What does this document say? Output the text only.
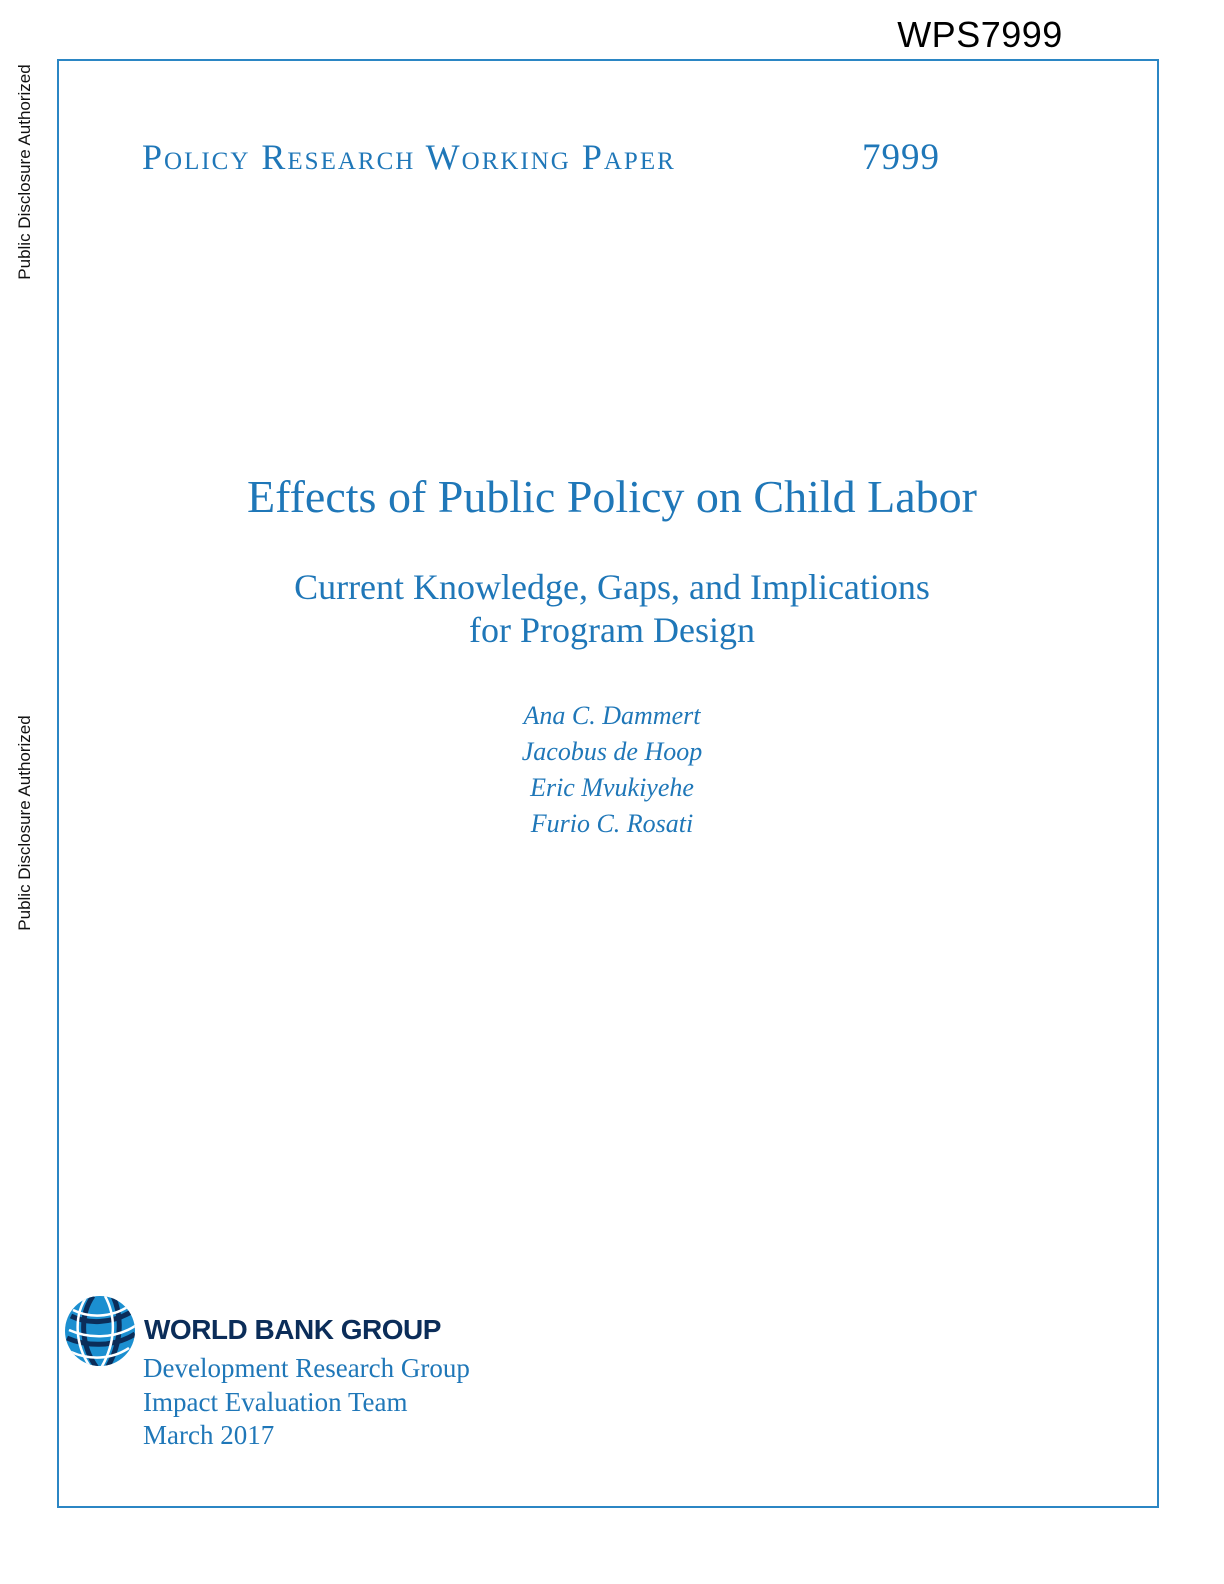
WPS7999
Public Disclosure Authorized
Public Disclosure Authorized
Policy Research Working Paper	7999
Effects of Public Policy on Child Labor
Current Knowledge, Gaps, and Implications
for Program Design
Ana C. Dammert
Jacobus de Hoop
Eric Mvukiyehe
Furio C. Rosati
WORLD BANK GROUP
Development Research Group
Impact Evaluation Team
March 2017
